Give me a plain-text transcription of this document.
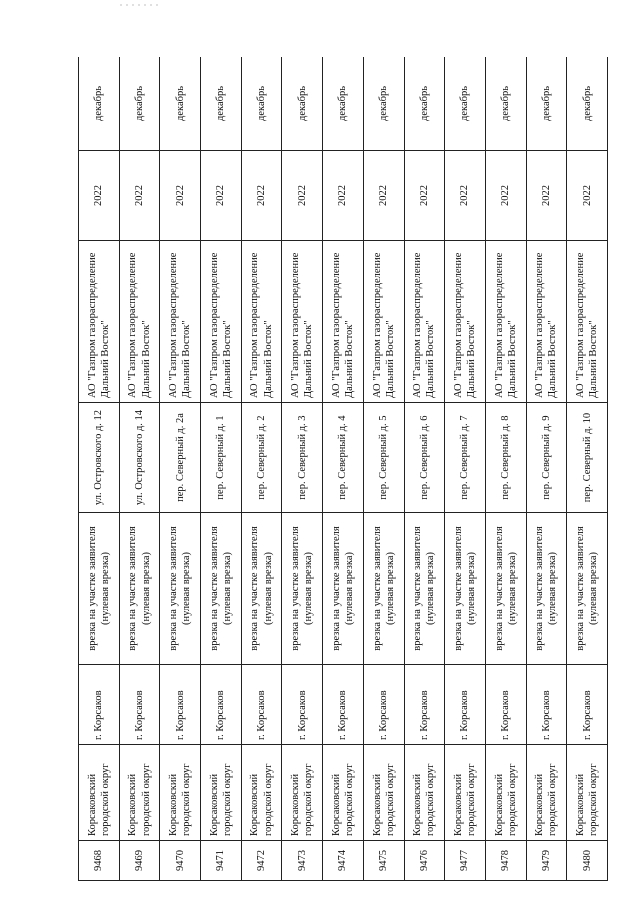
9468	Корсаковский городской округ	г. Корсаков	врезка на участке заявителя (нулевая врезка)	ул. Островского д. 12	АО "Газпром газораспределение Дальний Восток"	2022	декабрь
9469	Корсаковский городской округ	г. Корсаков	врезка на участке заявителя (нулевая врезка)	ул. Островского д. 14	АО "Газпром газораспределение Дальний Восток"	2022	декабрь
9470	Корсаковский городской округ	г. Корсаков	врезка на участке заявителя (нулевая врезка)	пер. Северный д. 2а	АО "Газпром газораспределение Дальний Восток"	2022	декабрь
9471	Корсаковский городской округ	г. Корсаков	врезка на участке заявителя (нулевая врезка)	пер. Северный д. 1	АО "Газпром газораспределение Дальний Восток"	2022	декабрь
9472	Корсаковский городской округ	г. Корсаков	врезка на участке заявителя (нулевая врезка)	пер. Северный д. 2	АО "Газпром газораспределение Дальний Восток"	2022	декабрь
9473	Корсаковский городской округ	г. Корсаков	врезка на участке заявителя (нулевая врезка)	пер. Северный д. 3	АО "Газпром газораспределение Дальний Восток"	2022	декабрь
9474	Корсаковский городской округ	г. Корсаков	врезка на участке заявителя (нулевая врезка)	пер. Северный д. 4	АО "Газпром газораспределение Дальний Восток"	2022	декабрь
9475	Корсаковский городской округ	г. Корсаков	врезка на участке заявителя (нулевая врезка)	пер. Северный д. 5	АО "Газпром газораспределение Дальний Восток"	2022	декабрь
9476	Корсаковский городской округ	г. Корсаков	врезка на участке заявителя (нулевая врезка)	пер. Северный д. 6	АО "Газпром газораспределение Дальний Восток"	2022	декабрь
9477	Корсаковский городской округ	г. Корсаков	врезка на участке заявителя (нулевая врезка)	пер. Северный д. 7	АО "Газпром газораспределение Дальний Восток"	2022	декабрь
9478	Корсаковский городской округ	г. Корсаков	врезка на участке заявителя (нулевая врезка)	пер. Северный д. 8	АО "Газпром газораспределение Дальний Восток"	2022	декабрь
9479	Корсаковский городской округ	г. Корсаков	врезка на участке заявителя (нулевая врезка)	пер. Северный д. 9	АО "Газпром газораспределение Дальний Восток"	2022	декабрь
9480	Корсаковский городской округ	г. Корсаков	врезка на участке заявителя (нулевая врезка)	пер. Северный д. 10	АО "Газпром газораспределение Дальний Восток"	2022	декабрь
